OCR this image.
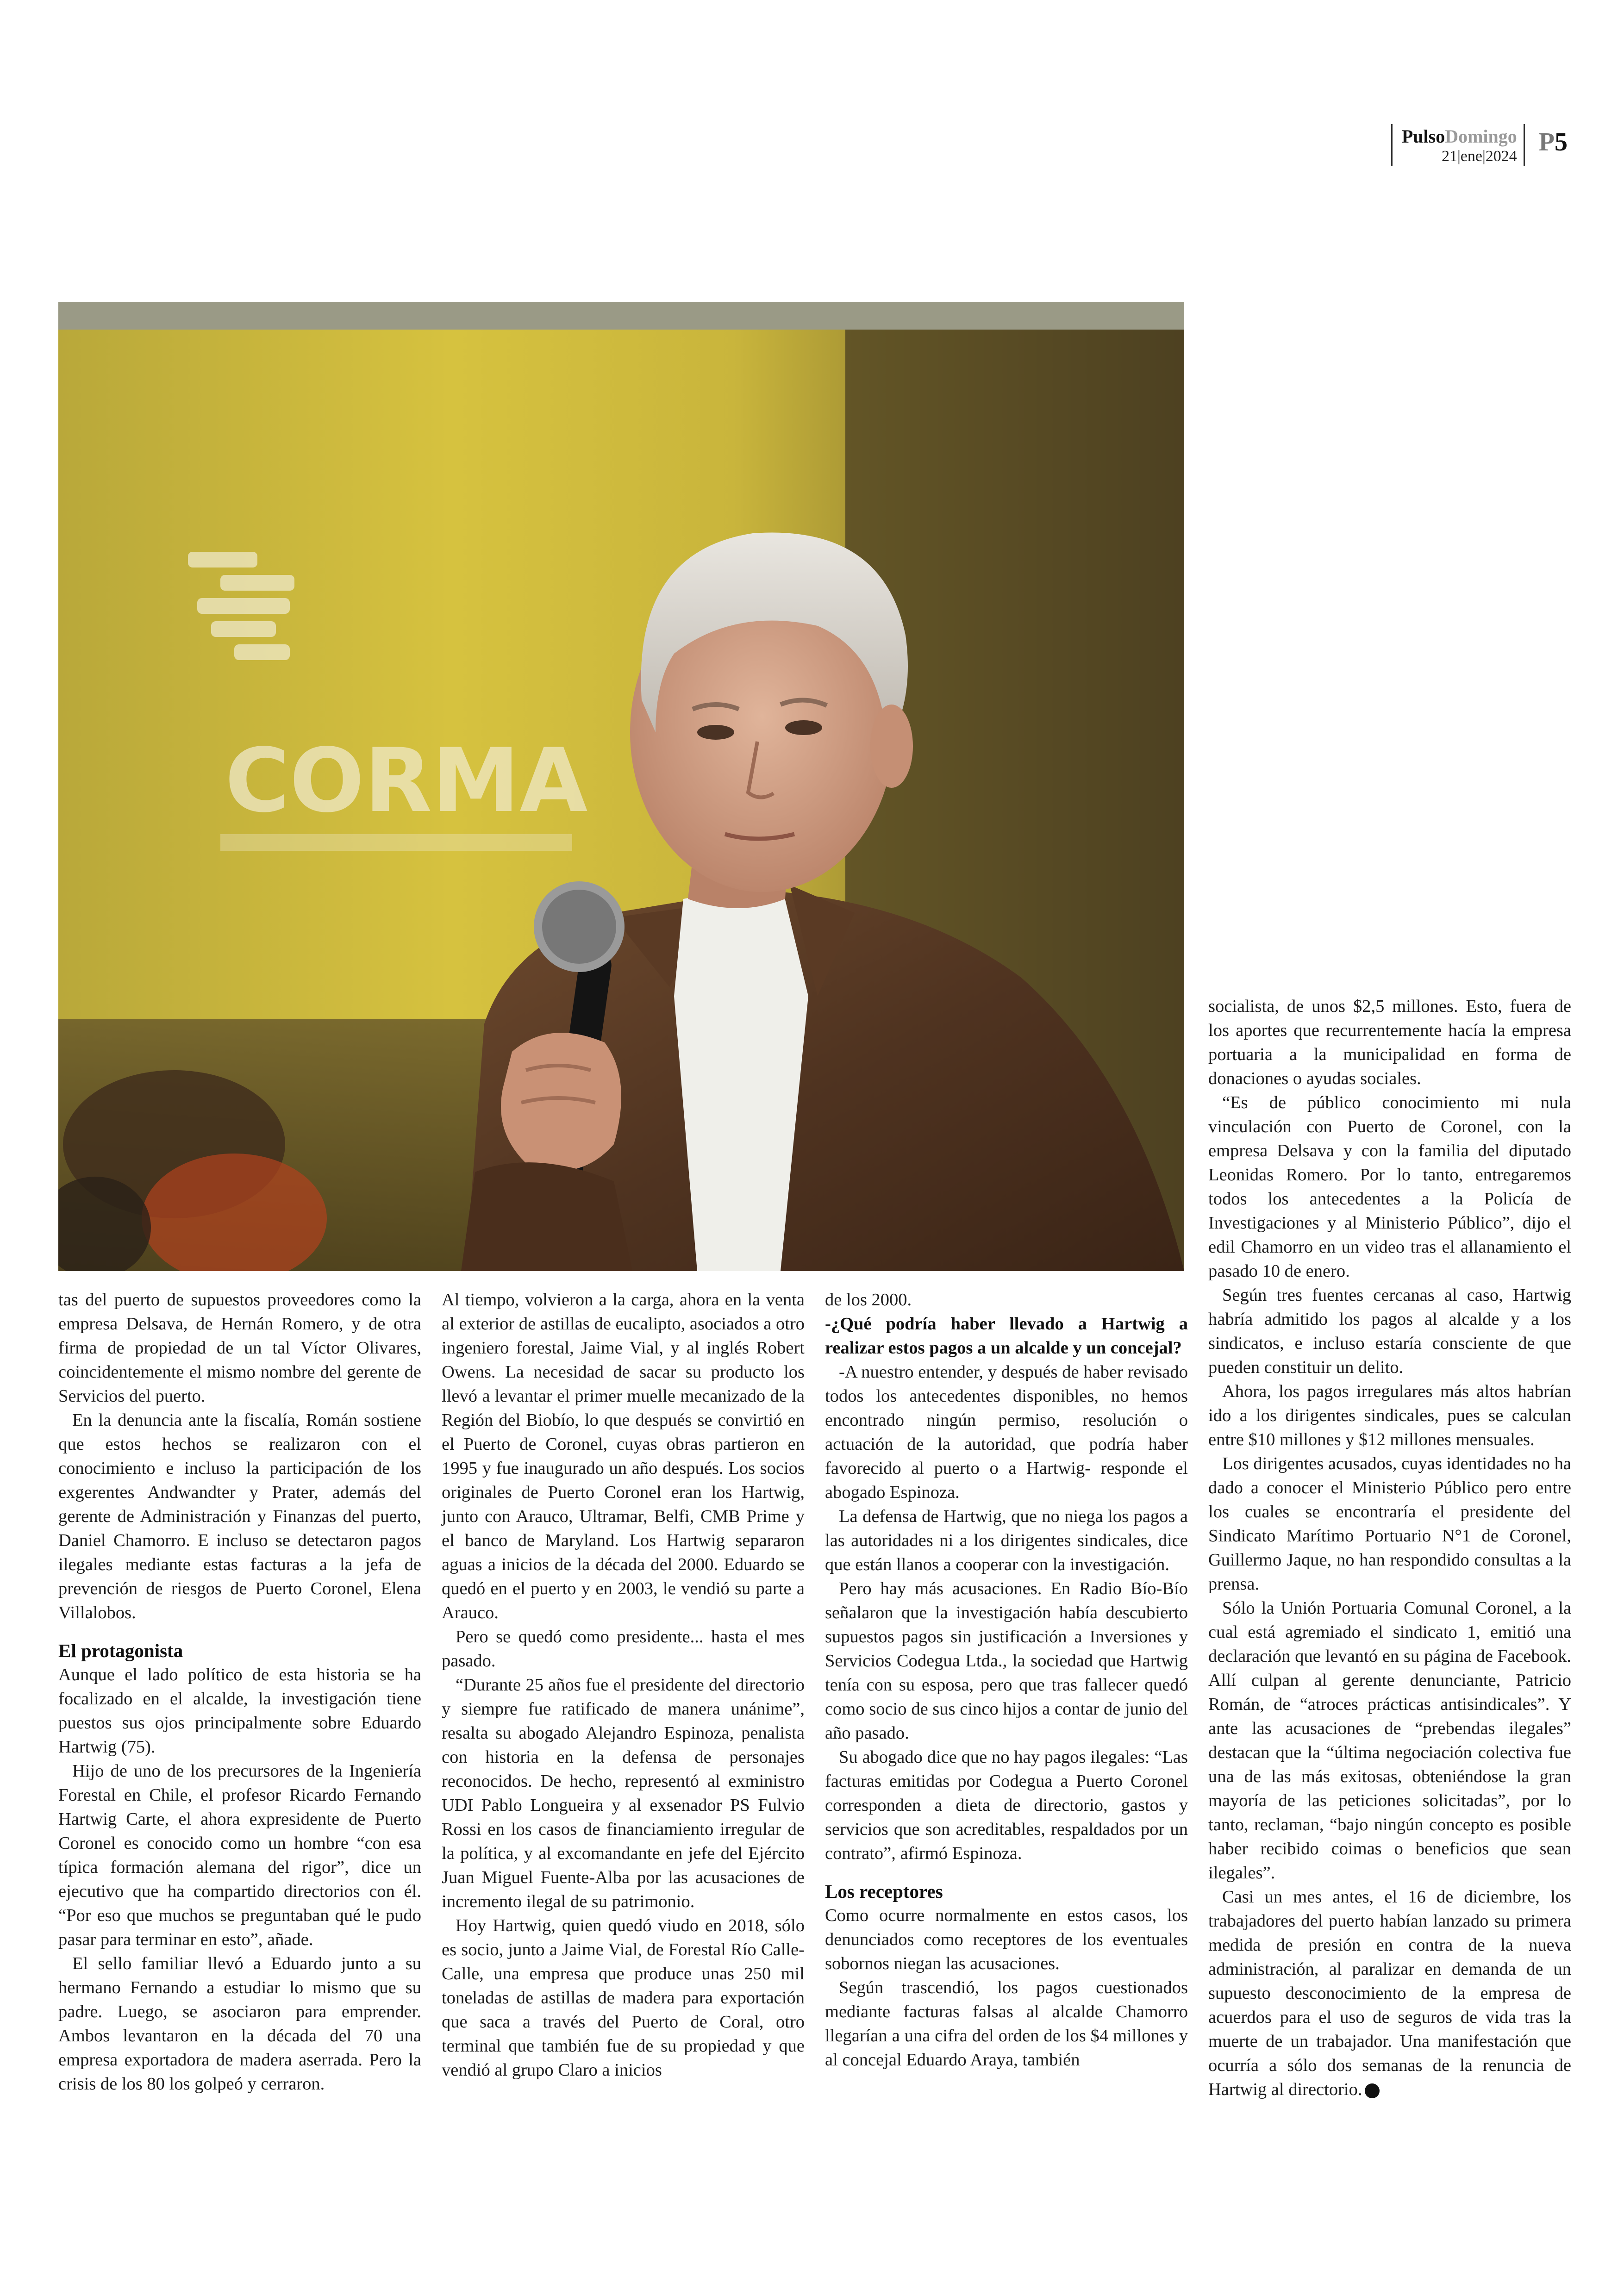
PulsoDomingo
21|ene|2024 P5
CORMA

tas del puerto de supuestos proveedores como la empresa Delsava, de Hernán Romero, y de otra firma de propiedad de un tal Víctor Olivares, coincidentemente el mismo nombre del gerente de Servicios del puerto.

En la denuncia ante la fiscalía, Román sostiene que estos hechos se realizaron con el conocimiento e incluso la participación de los exgerentes Andwandter y Prater, además del gerente de Administración y Finanzas del puerto, Daniel Chamorro. E incluso se detectaron pagos ilegales mediante estas facturas a la jefa de prevención de riesgos de Puerto Coronel, Elena Villalobos.

El protagonista

Aunque el lado político de esta historia se ha focalizado en el alcalde, la investigación tiene puestos sus ojos principalmente sobre Eduardo Hartwig (75).

Hijo de uno de los precursores de la Ingeniería Forestal en Chile, el profesor Ricardo Fernando Hartwig Carte, el ahora expresidente de Puerto Coronel es conocido como un hombre “con esa típica formación alemana del rigor”, dice un ejecutivo que ha compartido directorios con él. “Por eso que muchos se preguntaban qué le pudo pasar para terminar en esto”, añade.

El sello familiar llevó a Eduardo junto a su hermano Fernando a estudiar lo mismo que su padre. Luego, se asociaron para emprender. Ambos levantaron en la década del 70 una empresa exportadora de madera aserrada. Pero la crisis de los 80 los golpeó y cerraron.

Al tiempo, volvieron a la carga, ahora en la venta al exterior de astillas de eucalipto, asociados a otro ingeniero forestal, Jaime Vial, y al inglés Robert Owens. La necesidad de sacar su producto los llevó a levantar el primer muelle mecanizado de la Región del Biobío, lo que después se convirtió en el Puerto de Coronel, cuyas obras partieron en 1995 y fue inaugurado un año después. Los socios originales de Puerto Coronel eran los Hartwig, junto con Arauco, Ultramar, Belfi, CMB Prime y el banco de Maryland. Los Hartwig separaron aguas a inicios de la década del 2000. Eduardo se quedó en el puerto y en 2003, le vendió su parte a Arauco.

Pero se quedó como presidente... hasta el mes pasado.

“Durante 25 años fue el presidente del directorio y siempre fue ratificado de manera unánime”, resalta su abogado Alejandro Espinoza, penalista con historia en la defensa de personajes reconocidos. De hecho, representó al exministro UDI Pablo Longueira y al exsenador PS Fulvio Rossi en los casos de financiamiento irregular de la política, y al excomandante en jefe del Ejército Juan Miguel Fuente-Alba por las acusaciones de incremento ilegal de su patrimonio.

Hoy Hartwig, quien quedó viudo en 2018, sólo es socio, junto a Jaime Vial, de Forestal Río Calle-Calle, una empresa que produce unas 250 mil toneladas de astillas de madera para exportación que saca a través del Puerto de Coral, otro terminal que también fue de su propiedad y que vendió al grupo Claro a inicios

de los 2000.

-¿Qué podría haber llevado a Hartwig a realizar estos pagos a un alcalde y un concejal?

-A nuestro entender, y después de haber revisado todos los antecedentes disponibles, no hemos encontrado ningún permiso, resolución o actuación de la autoridad, que podría haber favorecido al puerto o a Hartwig- responde el abogado Espinoza.

La defensa de Hartwig, que no niega los pagos a las autoridades ni a los dirigentes sindicales, dice que están llanos a cooperar con la investigación.

Pero hay más acusaciones. En Radio Bío-Bío señalaron que la investigación había descubierto supuestos pagos sin justificación a Inversiones y Servicios Codegua Ltda., la sociedad que Hartwig tenía con su esposa, pero que tras fallecer quedó como socio de sus cinco hijos a contar de junio del año pasado.

Su abogado dice que no hay pagos ilegales: “Las facturas emitidas por Codegua a Puerto Coronel corresponden a dieta de directorio, gastos y servicios que son acreditables, respaldados por un contrato”, afirmó Espinoza.

Los receptores

Como ocurre normalmente en estos casos, los denunciados como receptores de los eventuales sobornos niegan las acusaciones.

Según trascendió, los pagos cuestionados mediante facturas falsas al alcalde Chamorro llegarían a una cifra del orden de los $4 millones y al concejal Eduardo Araya, también

socialista, de unos $2,5 millones. Esto, fuera de los aportes que recurrentemente hacía la empresa portuaria a la municipalidad en forma de donaciones o ayudas sociales.

“Es de público conocimiento mi nula vinculación con Puerto de Coronel, con la empresa Delsava y con la familia del diputado Leonidas Romero. Por lo tanto, entregaremos todos los antecedentes a la Policía de Investigaciones y al Ministerio Público”, dijo el edil Chamorro en un video tras el allanamiento el pasado 10 de enero.

Según tres fuentes cercanas al caso, Hartwig habría admitido los pagos al alcalde y a los sindicatos, e incluso estaría consciente de que pueden constituir un delito.

Ahora, los pagos irregulares más altos habrían ido a los dirigentes sindicales, pues se calculan entre $10 millones y $12 millones mensuales.

Los dirigentes acusados, cuyas identidades no ha dado a conocer el Ministerio Público pero entre los cuales se encontraría el presidente del Sindicato Marítimo Portuario N°1 de Coronel, Guillermo Jaque, no han respondido consultas a la prensa.

Sólo la Unión Portuaria Comunal Coronel, a la cual está agremiado el sindicato 1, emitió una declaración que levantó en su página de Facebook. Allí culpan al gerente denunciante, Patricio Román, de “atroces prácticas antisindicales”. Y ante las acusaciones de “prebendas ilegales” destacan que la “última negociación colectiva fue una de las más exitosas, obteniéndose la gran mayoría de las peticiones solicitadas”, por lo tanto, reclaman, “bajo ningún concepto es posible haber recibido coimas o beneficios que sean ilegales”.

Casi un mes antes, el 16 de diciembre, los trabajadores del puerto habían lanzado su primera medida de presión en contra de la nueva administración, al paralizar en demanda de un supuesto desconocimiento de la empresa de acuerdos para el uso de seguros de vida tras la muerte de un trabajador. Una manifestación que ocurría a sólo dos semanas de la renuncia de Hartwig al directorio. P
